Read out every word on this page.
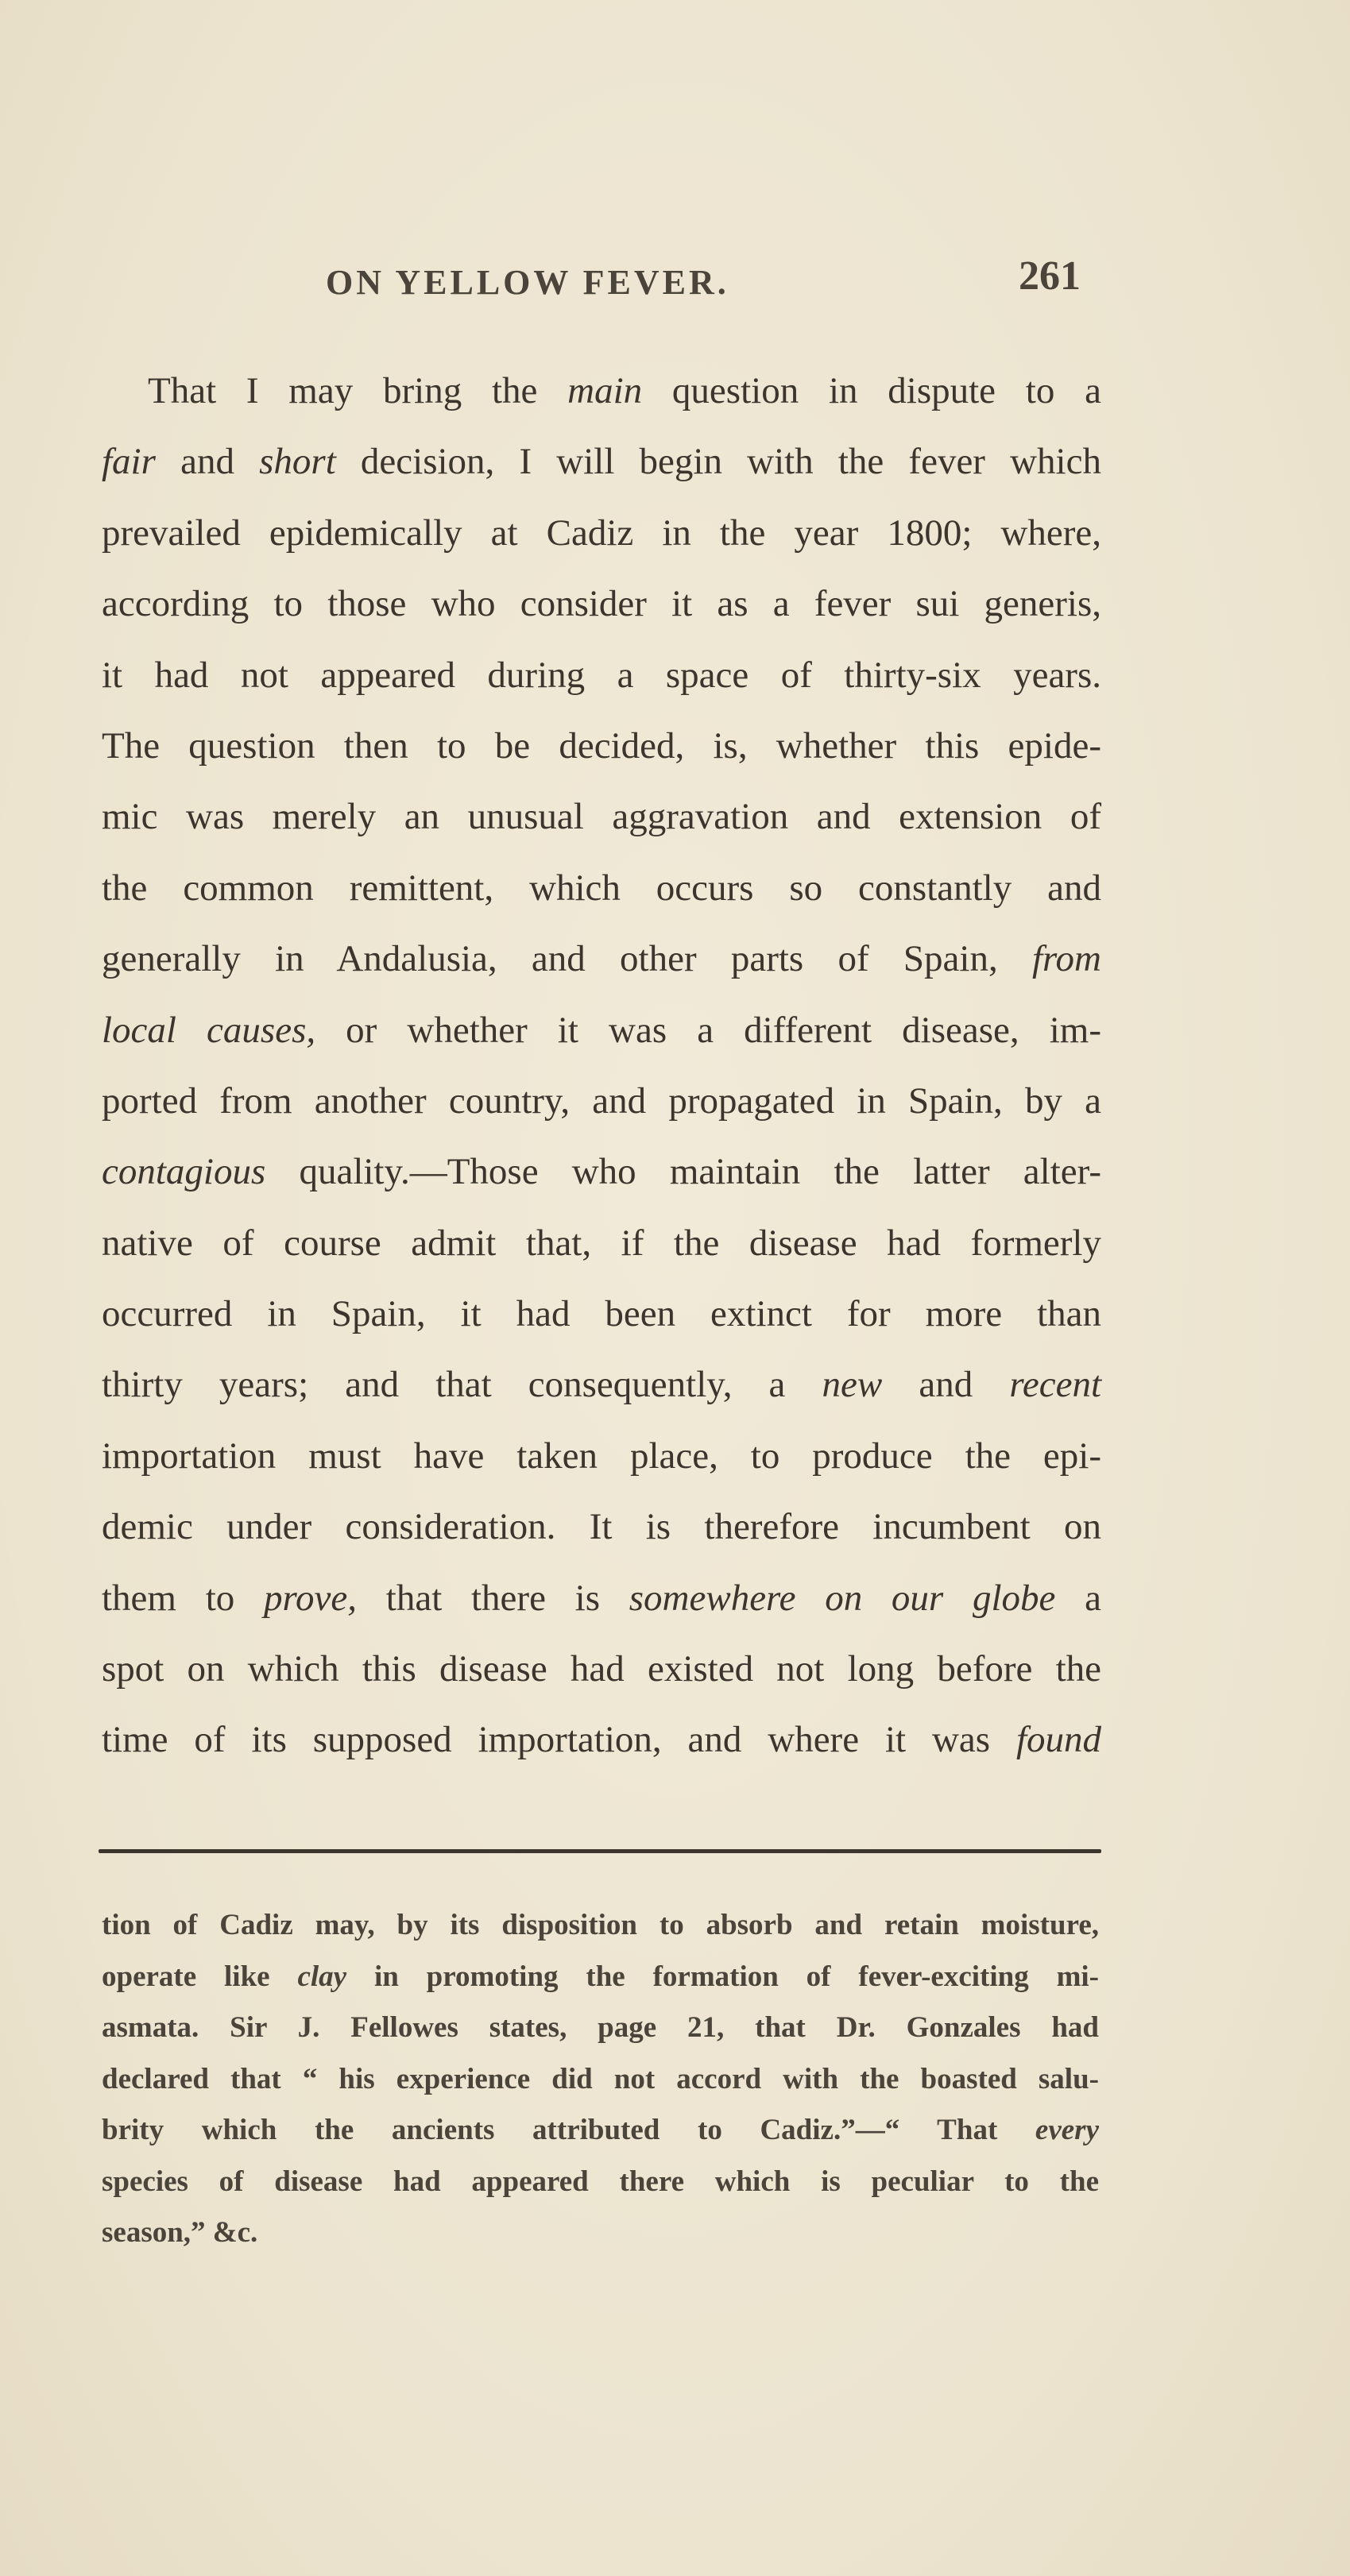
ON YELLOW FEVER.	261
That I may bring the main question in dispute to a
fair and short decision, I will begin with the fever which
prevailed epidemically at Cadiz in the year 1800; where,
according to those who consider it as a fever sui generis,
it had not appeared during a space of thirty-six years.
The question then to be decided, is, whether this epide-
mic was merely an unusual aggravation and extension of
the common remittent, which occurs so constantly and
generally in Andalusia, and other parts of Spain, from
local causes, or whether it was a different disease, im-
ported from another country, and propagated in Spain, by a
contagious quality.—Those who maintain the latter alter-
native of course admit that, if the disease had formerly
occurred in Spain, it had been extinct for more than
thirty years; and that consequently, a new and recent
importation must have taken place, to produce the epi-
demic under consideration. It is therefore incumbent on
them to prove, that there is somewhere on our globe a
spot on which this disease had existed not long before the
time of its supposed importation, and where it was found
tion of Cadiz may, by its disposition to absorb and retain moisture,
operate like clay in promoting the formation of fever-exciting mi-
asmata. Sir J. Fellowes states, page 21, that Dr. Gonzales had
declared that “ his experience did not accord with the boasted salu-
brity which the ancients attributed to Cadiz.”—“ That every
species of disease had appeared there which is peculiar to the
season,” &c.
